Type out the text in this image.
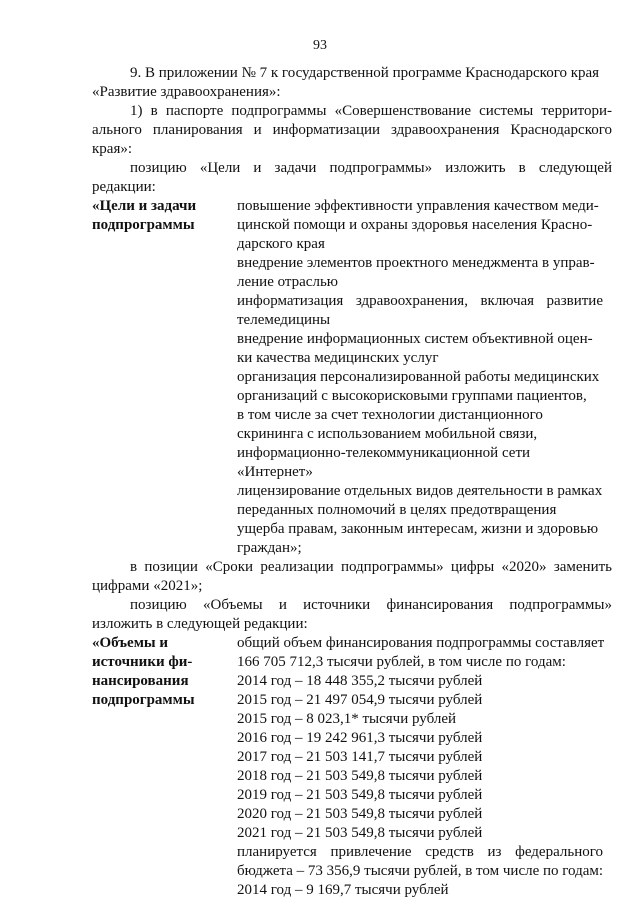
93
9. В приложении № 7 к государственной программе Краснодарского края
«Развитие здравоохранения»:
1) в паспорте подпрограммы «Совершенствование системы территори-
ального планирования и информатизации здравоохранения Краснодарского
края»:
позицию «Цели и задачи подпрограммы» изложить в следующей
редакции:
«Цели и задачи
подпрограммы
повышение эффективности управления качеством меди-
цинской помощи и охраны здоровья населения Красно-
дарского края
внедрение элементов проектного менеджмента в управ-
ление отраслью
информатизация здравоохранения, включая развитие
телемедицины
внедрение информационных систем объективной оцен-
ки качества медицинских услуг
организация персонализированной работы медицинских
организаций с высокорисковыми группами пациентов,
в том числе за счет технологии дистанционного
скрининга с использованием мобильной связи,
информационно-телекоммуникационной сети
«Интернет»
лицензирование отдельных видов деятельности в рамках
переданных полномочий в целях предотвращения
ущерба правам, законным интересам, жизни и здоровью
граждан»;
в позиции «Сроки реализации подпрограммы» цифры «2020» заменить
цифрами «2021»;
позицию «Объемы и источники финансирования подпрограммы»
изложить в следующей редакции:
«Объемы и
источники фи-
нансирования
подпрограммы
общий объем финансирования подпрограммы составляет
166 705 712,3 тысячи рублей, в том числе по годам:
2014 год – 18 448 355,2 тысячи рублей
2015 год – 21 497 054,9 тысячи рублей
2015 год – 8 023,1* тысячи рублей
2016 год – 19 242 961,3 тысячи рублей
2017 год – 21 503 141,7 тысячи рублей
2018 год – 21 503 549,8 тысячи рублей
2019 год – 21 503 549,8 тысячи рублей
2020 год – 21 503 549,8 тысячи рублей
2021 год – 21 503 549,8 тысячи рублей
планируется привлечение средств из федерального
бюджета – 73 356,9 тысячи рублей, в том числе по годам:
2014 год – 9 169,7 тысячи рублей
